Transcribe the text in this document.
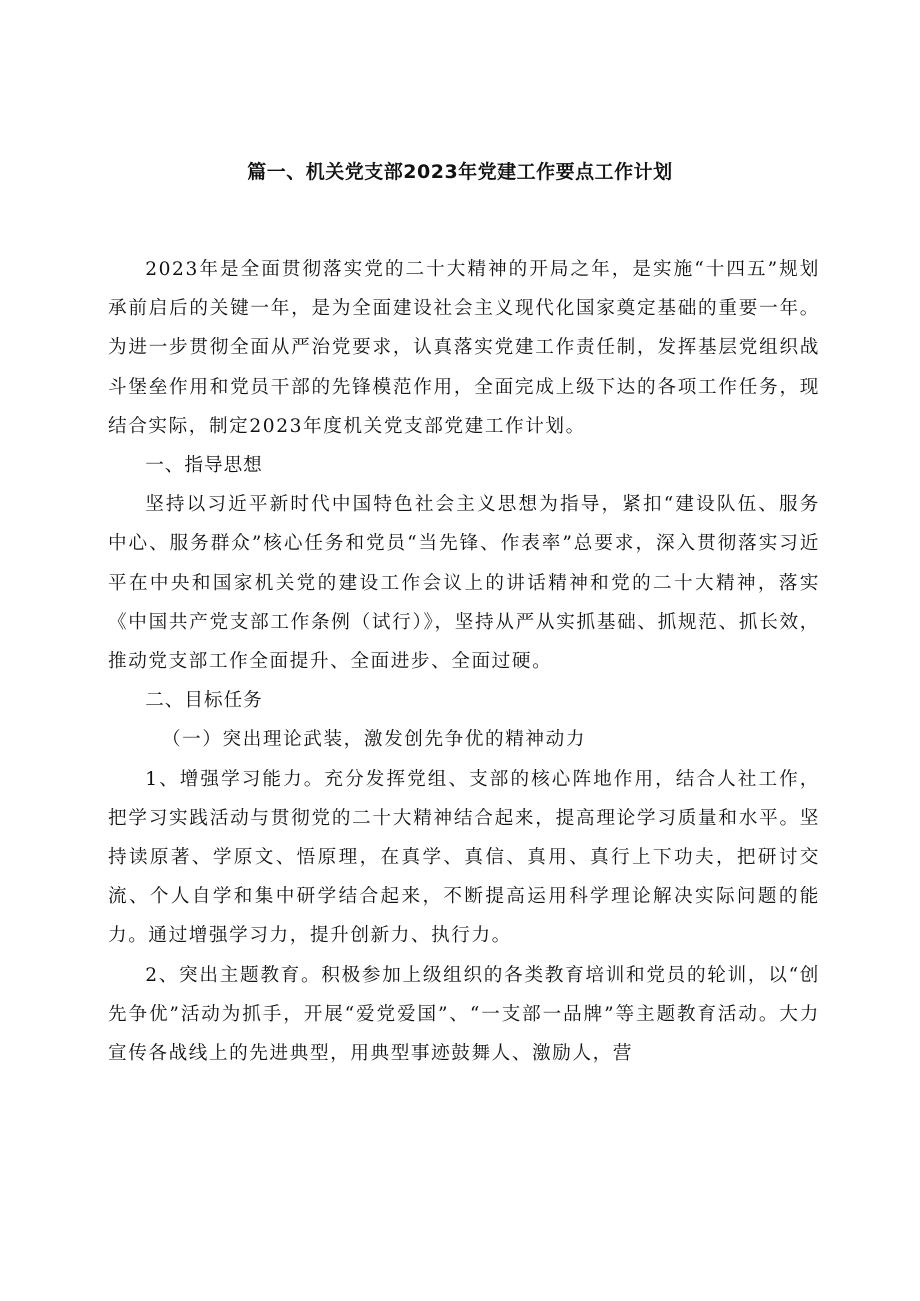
篇一、机关党支部2023年党建工作要点工作计划

2023年是全面贯彻落实党的二十大精神的开局之年，是实施“十四五”规划承前启后的关键一年，是为全面建设社会主义现代化国家奠定基础的重要一年。为进一步贯彻全面从严治党要求，认真落实党建工作责任制，发挥基层党组织战斗堡垒作用和党员干部的先锋模范作用，全面完成上级下达的各项工作任务，现结合实际，制定2023年度机关党支部党建工作计划。

一、指导思想

坚持以习近平新时代中国特色社会主义思想为指导，紧扣“建设队伍、服务中心、服务群众”核心任务和党员“当先锋、作表率”总要求，深入贯彻落实习近平在中央和国家机关党的建设工作会议上的讲话精神和党的二十大精神，落实《中国共产党支部工作条例（试行）》，坚持从严从实抓基础、抓规范、抓长效，推动党支部工作全面提升、全面进步、全面过硬。

二、目标任务

（一）突出理论武装，激发创先争优的精神动力

1、增强学习能力。充分发挥党组、支部的核心阵地作用，结合人社工作，把学习实践活动与贯彻党的二十大精神结合起来，提高理论学习质量和水平。坚持读原著、学原文、悟原理，在真学、真信、真用、真行上下功夫，把研讨交流、个人自学和集中研学结合起来，不断提高运用科学理论解决实际问题的能力。通过增强学习力，提升创新力、执行力。

2、突出主题教育。积极参加上级组织的各类教育培训和党员的轮训，以“创先争优”活动为抓手，开展“爱党爱国”、“一支部一品牌”等主题教育活动。大力宣传各战线上的先进典型，用典型事迹鼓舞人、激励人，营
